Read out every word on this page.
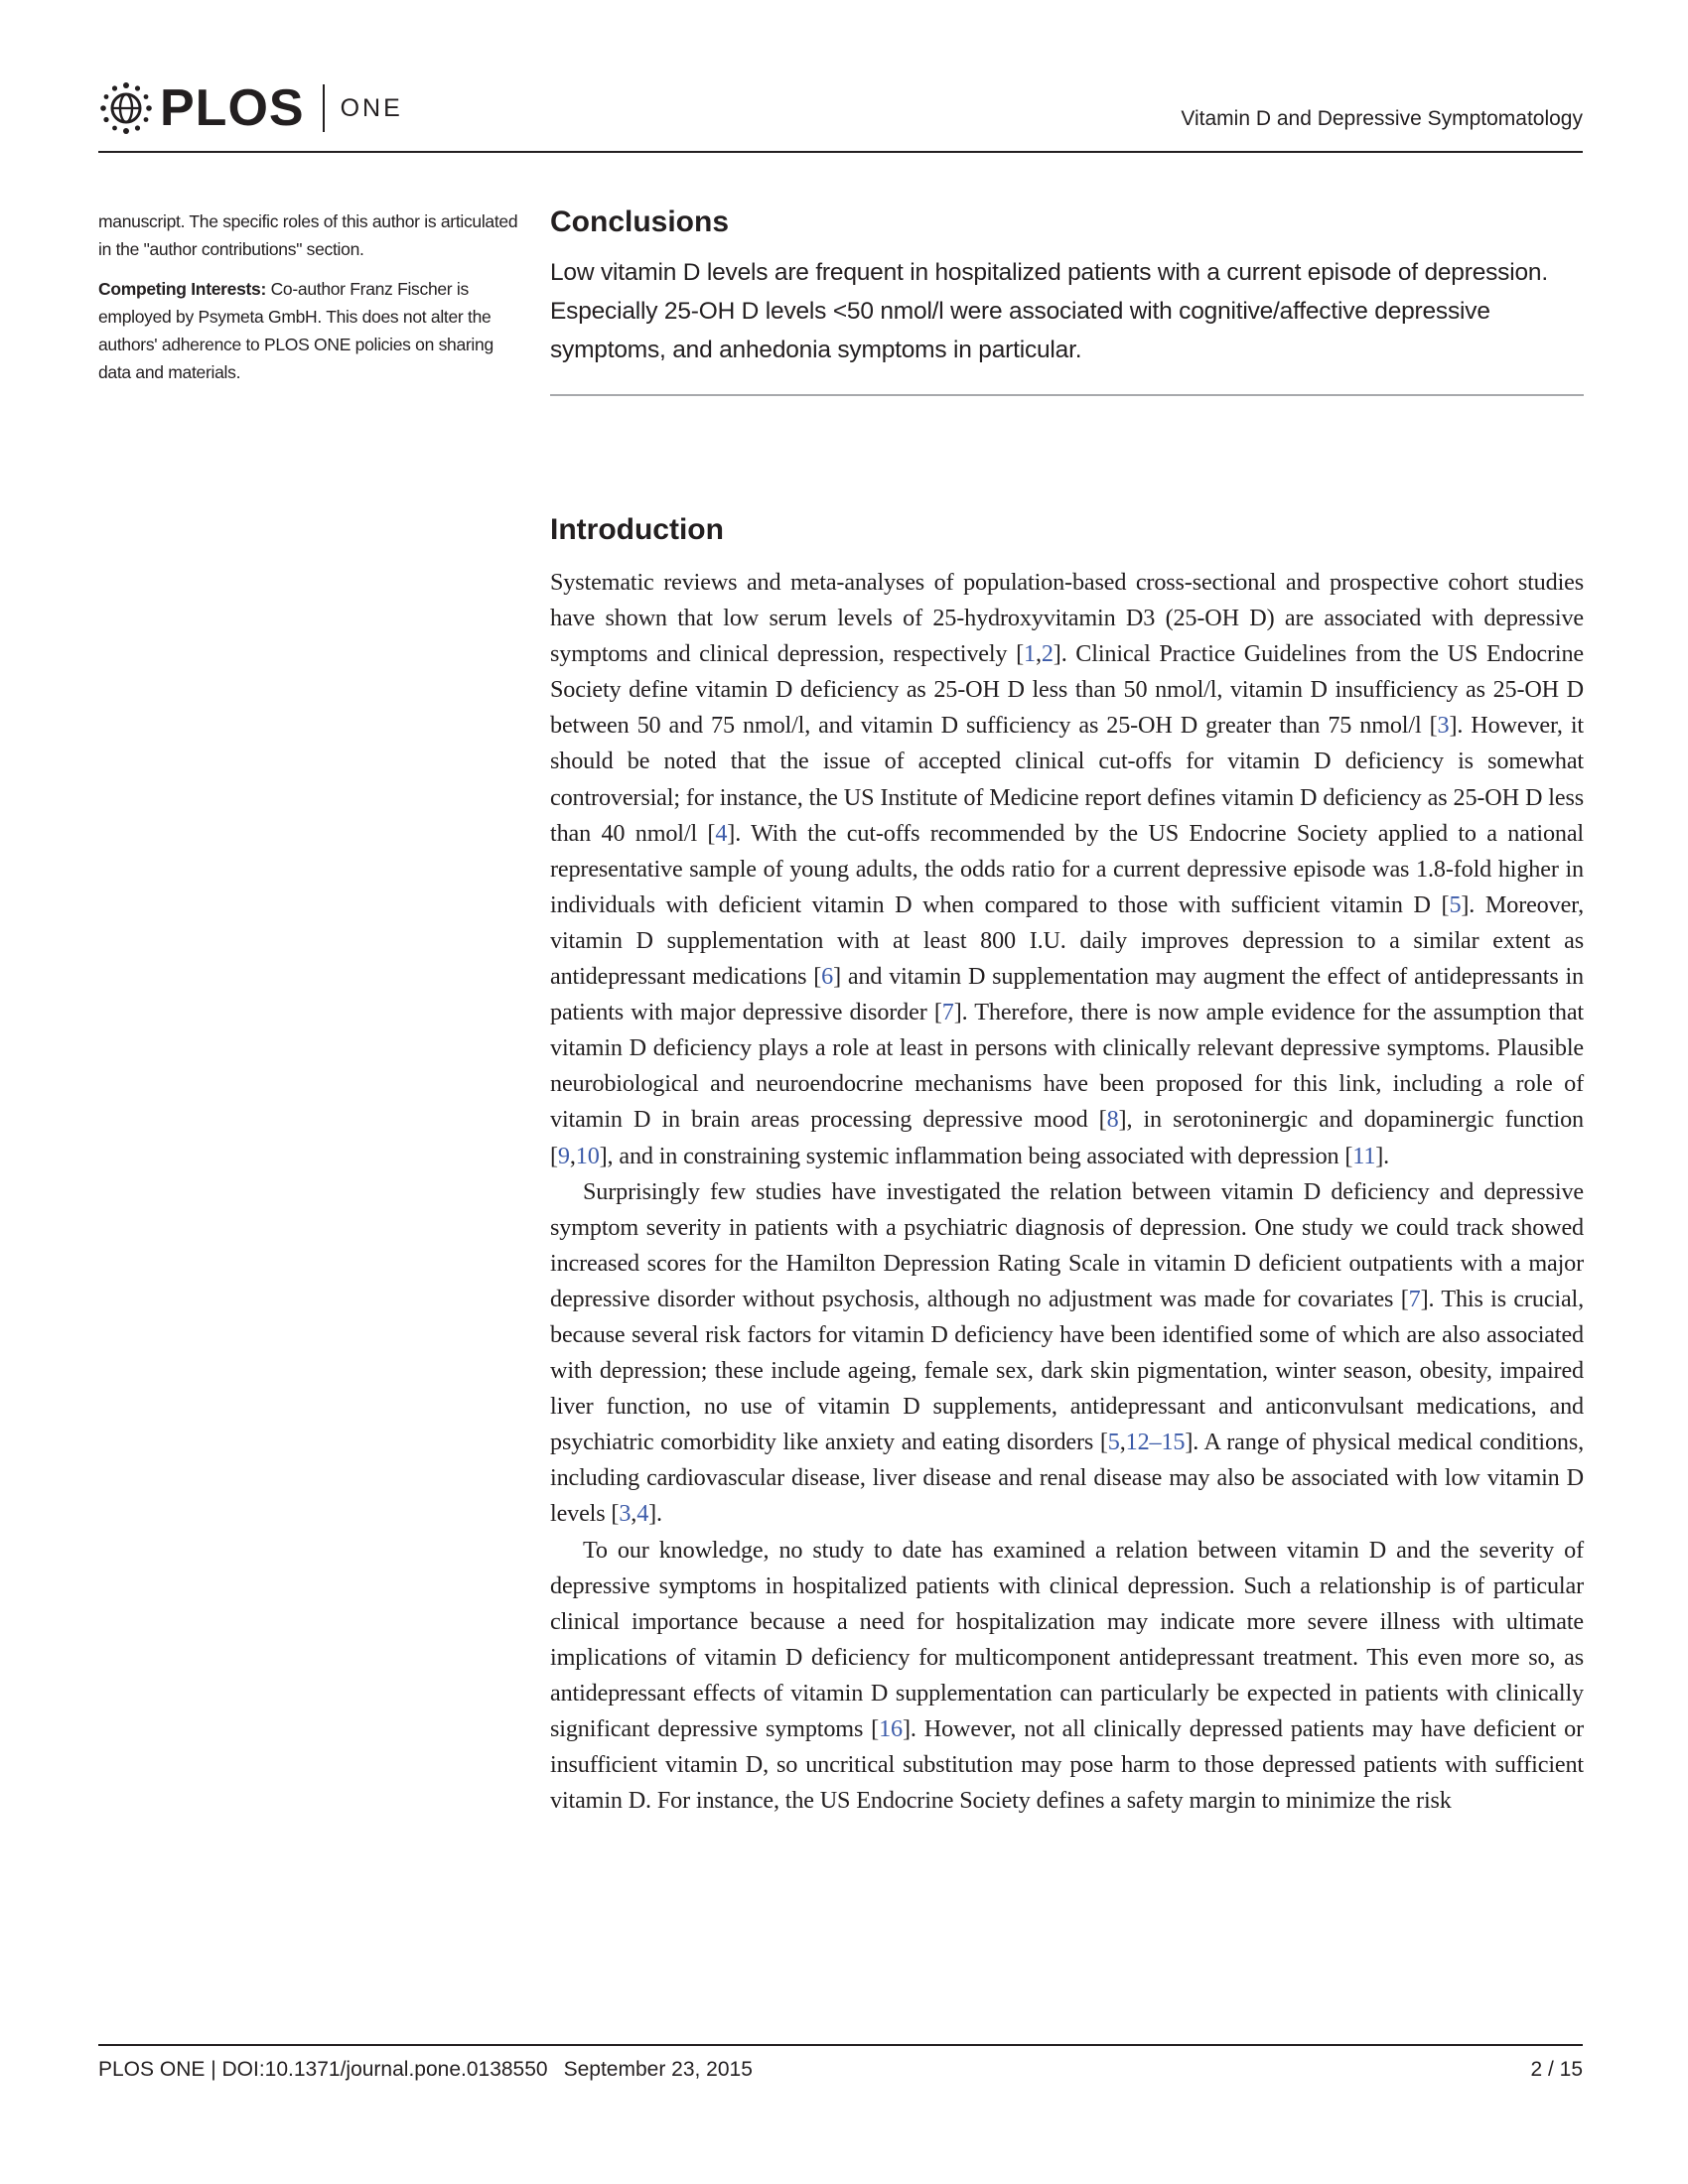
PLOS ONE	Vitamin D and Depressive Symptomatology

manuscript. The specific roles of this author is articulated in the "author contributions" section.

Competing Interests: Co-author Franz Fischer is employed by Psymeta GmbH. This does not alter the authors' adherence to PLOS ONE policies on sharing data and materials.

Conclusions
Low vitamin D levels are frequent in hospitalized patients with a current episode of depression. Especially 25-OH D levels <50 nmol/l were associated with cognitive/affective depressive symptoms, and anhedonia symptoms in particular.
Introduction

Systematic reviews and meta-analyses of population-based cross-sectional and prospective cohort studies have shown that low serum levels of 25-hydroxyvitamin D3 (25-OH D) are associated with depressive symptoms and clinical depression, respectively [1,2]. Clinical Practice Guidelines from the US Endocrine Society define vitamin D deficiency as 25-OH D less than 50 nmol/l, vitamin D insufficiency as 25-OH D between 50 and 75 nmol/l, and vitamin D sufficiency as 25-OH D greater than 75 nmol/l [3]. However, it should be noted that the issue of accepted clinical cut-offs for vitamin D deficiency is somewhat controversial; for instance, the US Institute of Medicine report defines vitamin D deficiency as 25-OH D less than 40 nmol/l [4]. With the cut-offs recommended by the US Endocrine Society applied to a national representative sample of young adults, the odds ratio for a current depressive episode was 1.8-fold higher in individuals with deficient vitamin D when compared to those with sufficient vitamin D [5]. Moreover, vitamin D supplementation with at least 800 I.U. daily improves depression to a similar extent as antidepressant medications [6] and vitamin D supplementation may augment the effect of antidepressants in patients with major depressive disorder [7]. Therefore, there is now ample evidence for the assumption that vitamin D deficiency plays a role at least in persons with clinically relevant depressive symptoms. Plausible neurobiological and neuroendocrine mechanisms have been proposed for this link, including a role of vitamin D in brain areas processing depressive mood [8], in serotoninergic and dopaminergic function [9,10], and in constraining systemic inflammation being associated with depression [11].

Surprisingly few studies have investigated the relation between vitamin D deficiency and depressive symptom severity in patients with a psychiatric diagnosis of depression. One study we could track showed increased scores for the Hamilton Depression Rating Scale in vitamin D deficient outpatients with a major depressive disorder without psychosis, although no adjustment was made for covariates [7]. This is crucial, because several risk factors for vitamin D deficiency have been identified some of which are also associated with depression; these include ageing, female sex, dark skin pigmentation, winter season, obesity, impaired liver function, no use of vitamin D supplements, antidepressant and anticonvulsant medications, and psychiatric comorbidity like anxiety and eating disorders [5,12–15]. A range of physical medical conditions, including cardiovascular disease, liver disease and renal disease may also be associated with low vitamin D levels [3,4].

To our knowledge, no study to date has examined a relation between vitamin D and the severity of depressive symptoms in hospitalized patients with clinical depression. Such a relationship is of particular clinical importance because a need for hospitalization may indicate more severe illness with ultimate implications of vitamin D deficiency for multicomponent antidepressant treatment. This even more so, as antidepressant effects of vitamin D supplementation can particularly be expected in patients with clinically significant depressive symptoms [16]. However, not all clinically depressed patients may have deficient or insufficient vitamin D, so uncritical substitution may pose harm to those depressed patients with sufficient vitamin D. For instance, the US Endocrine Society defines a safety margin to minimize the risk

PLOS ONE | DOI:10.1371/journal.pone.0138550 September 23, 2015	2 / 15
